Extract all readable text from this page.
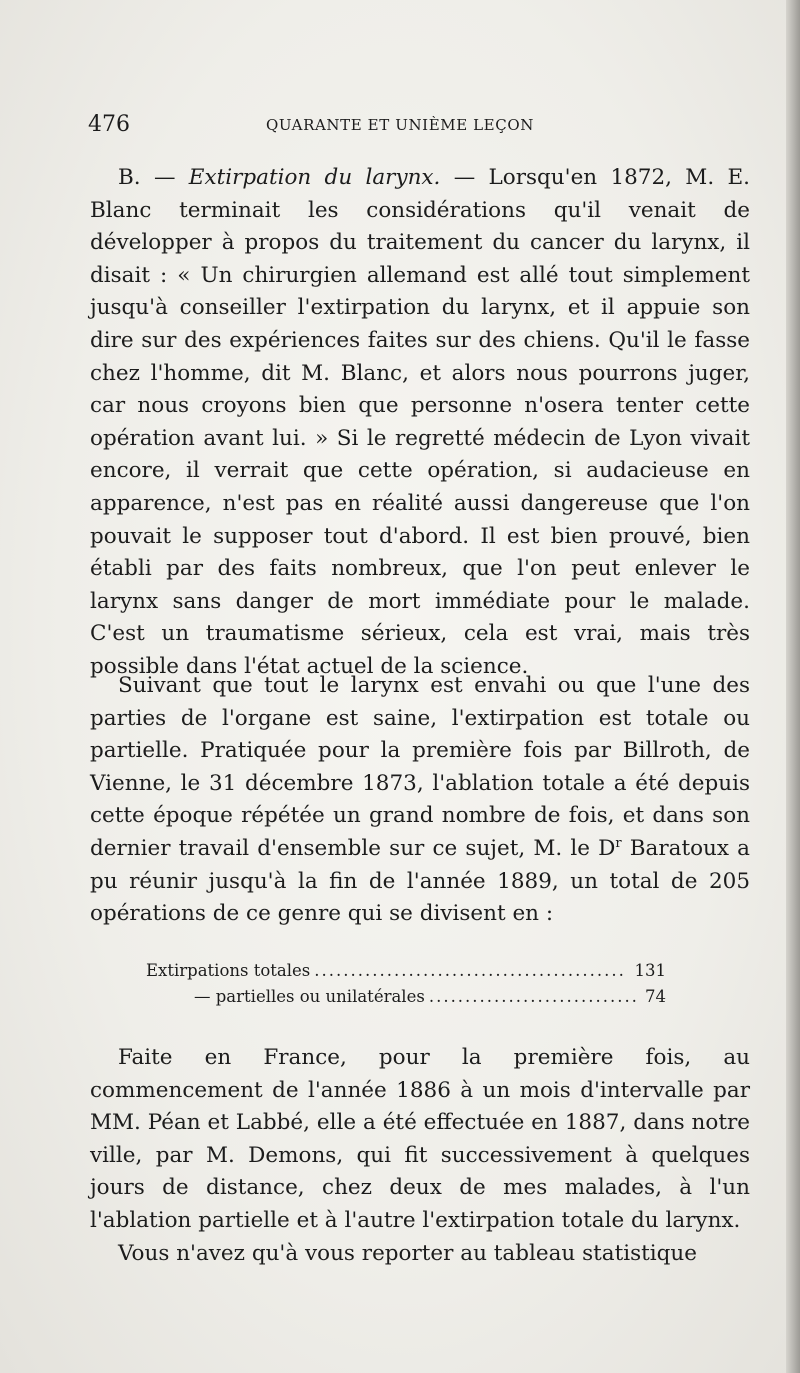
476	QUARANTE ET UNIÈME LEÇON

B. — Extirpation du larynx. — Lorsqu'en 1872, M. E. Blanc terminait les considérations qu'il venait de développer à propos du traitement du cancer du larynx, il disait : « Un chirurgien allemand est allé tout simplement jusqu'à conseiller l'extirpation du larynx, et il appuie son dire sur des expériences faites sur des chiens. Qu'il le fasse chez l'homme, dit M. Blanc, et alors nous pourrons juger, car nous croyons bien que personne n'osera tenter cette opération avant lui. » Si le regretté médecin de Lyon vivait encore, il verrait que cette opération, si audacieuse en apparence, n'est pas en réalité aussi dangereuse que l'on pouvait le supposer tout d'abord. Il est bien prouvé, bien établi par des faits nombreux, que l'on peut enlever le larynx sans danger de mort immédiate pour le malade. C'est un traumatisme sérieux, cela est vrai, mais très possible dans l'état actuel de la science.

Suivant que tout le larynx est envahi ou que l'une des parties de l'organe est saine, l'extirpation est totale ou partielle. Pratiquée pour la première fois par Billroth, de Vienne, le 31 décembre 1873, l'ablation totale a été depuis cette époque répétée un grand nombre de fois, et dans son dernier travail d'ensemble sur ce sujet, M. le $D^r$ Baratoux a pu réunir jusqu'à la fin de l'année 1889, un total de 205 opérations de ce genre qui se divisent en :

Extirpations totales .....	131
— partielles ou unilatérales .....	74

Faite en France, pour la première fois, au commencement de l'année 1886 à un mois d'intervalle par MM. Péan et Labbé, elle a été effectuée en 1887, dans notre ville, par M. Demons, qui fit successivement à quelques jours de distance, chez deux de mes malades, à l'un l'ablation partielle et à l'autre l'extirpation totale du larynx.

Vous n'avez qu'à vous reporter au tableau statistique
